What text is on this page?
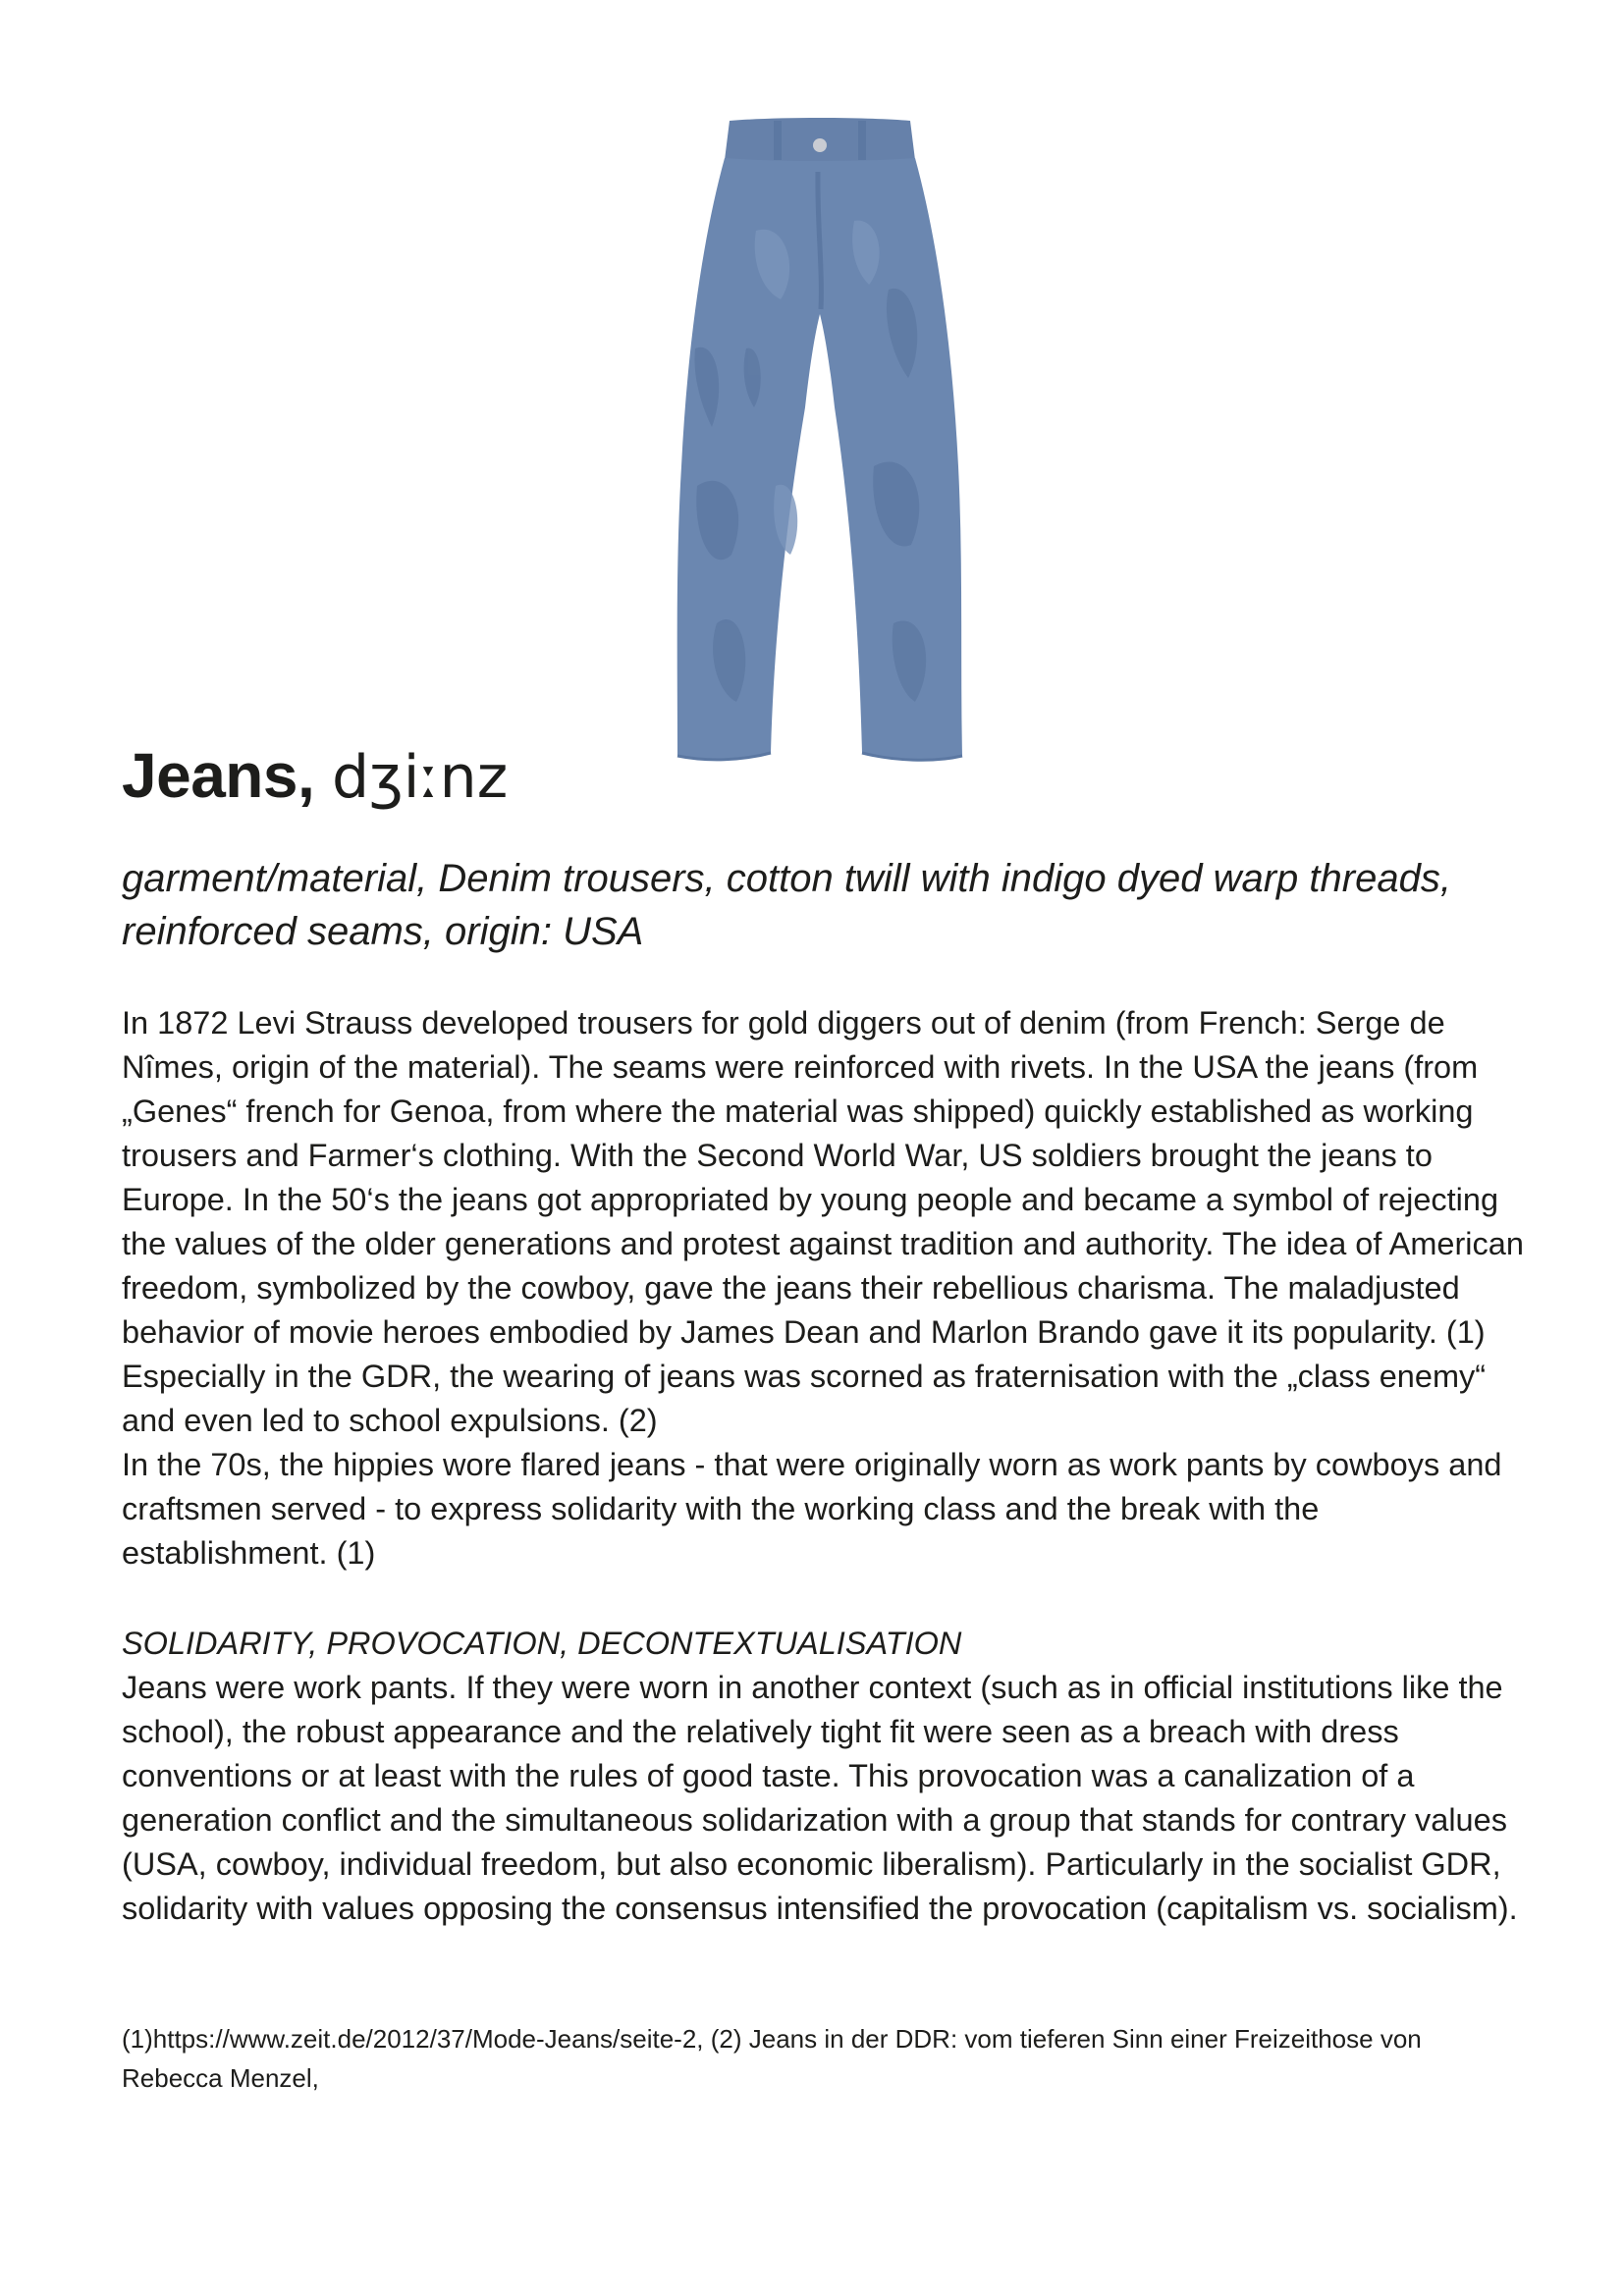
Jeans, dʒiːnz

garment/material, Denim trousers, cotton twill with indigo dyed warp threads, reinforced seams, origin: USA

In 1872 Levi Strauss developed trousers for gold diggers out of denim (from French: Serge de Nîmes, origin of the material). The seams were reinforced with rivets. In the USA the jeans (from „Genes“ french for Genoa, from where the material was shipped) quickly established as working trousers and Farmer‘s clothing. With the Second World War, US soldiers brought the jeans to Europe. In the 50‘s the jeans got appropriated by young people and became a symbol of rejecting the values of the older generations and protest against tradition and authority. The idea of American freedom, symbolized by the cowboy, gave the jeans their rebellious charisma. The maladjusted behavior of movie heroes embodied by James Dean and Marlon Brando gave it its popularity. (1) Especially in the GDR, the wearing of jeans was scorned as fraternisation with the „class enemy“ and even led to school expulsions. (2)
In the 70s, the hippies wore flared jeans - that were originally worn as work pants by cowboys and craftsmen served - to express solidarity with the working class and the break with the establishment. (1)
SOLIDARITY, PROVOCATION, DECONTEXTUALISATION
Jeans were work pants. If they were worn in another context (such as in official institutions like the school), the robust appearance and the relatively tight fit were seen as a breach with dress conventions or at least with the rules of good taste. This provocation was a canalization of a generation conflict and the simultaneous solidarization with a group that stands for contrary values (USA, cowboy, individual freedom, but also economic liberalism). Particularly in the socialist GDR, solidarity with values opposing the consensus intensified the provocation (capitalism vs. socialism).

(1)https://www.zeit.de/2012/37/Mode-Jeans/seite-2, (2) Jeans in der DDR: vom tieferen Sinn einer Freizeithose von Rebecca Menzel,
